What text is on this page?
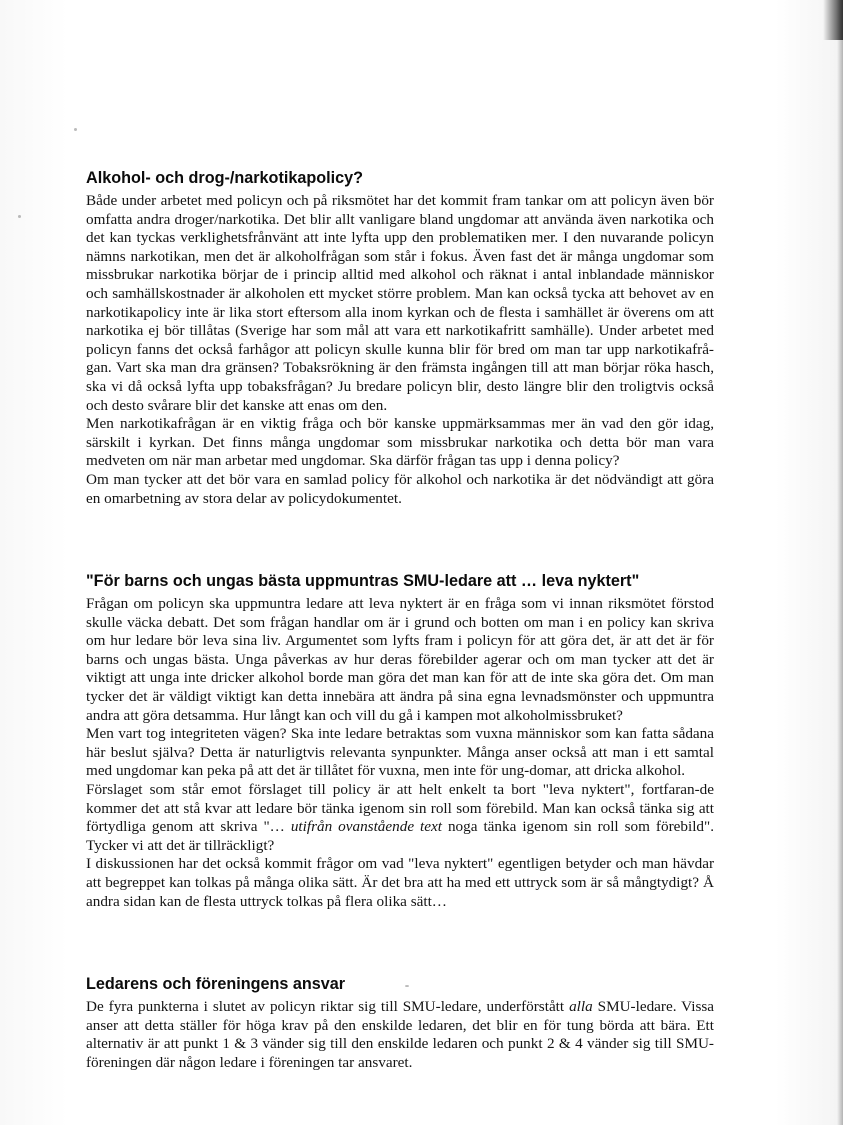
Alkohol- och drog-/narkotikapolicy?

Både under arbetet med policyn och på riksmötet har det kommit fram tankar om att policyn även bör omfatta andra droger/narkotika. Det blir allt vanligare bland ungdomar att använda även narkotika och det kan tyckas verklighetsfrånvänt att inte lyfta upp den problematiken mer. I den nuvarande policyn nämns narkotikan, men det är alkoholfrågan som står i fokus. Även fast det är många ungdomar som missbrukar narkotika börjar de i princip alltid med alkohol och räknat i antal inblandade människor och samhällskostnader är alkoholen ett mycket större problem. Man kan också tycka att behovet av en narkotikapolicy inte är lika stort eftersom alla inom kyrkan och de flesta i samhället är överens om att narkotika ej bör tillåtas (Sverige har som mål att vara ett narkotikafritt samhälle). Under arbetet med policyn fanns det också farhågor att policyn skulle kunna blir för bred om man tar upp narkotikafrå-gan. Vart ska man dra gränsen? Tobaksrökning är den främsta ingången till att man börjar röka hasch, ska vi då också lyfta upp tobaksfrågan? Ju bredare policyn blir, desto längre blir den troligtvis också och desto svårare blir det kanske att enas om den.

Men narkotikafrågan är en viktig fråga och bör kanske uppmärksammas mer än vad den gör idag, särskilt i kyrkan. Det finns många ungdomar som missbrukar narkotika och detta bör man vara medveten om när man arbetar med ungdomar. Ska därför frågan tas upp i denna policy?

Om man tycker att det bör vara en samlad policy för alkohol och narkotika är det nödvändigt att göra en omarbetning av stora delar av policydokumentet.

"För barns och ungas bästa uppmuntras SMU-ledare att … leva nyktert"

Frågan om policyn ska uppmuntra ledare att leva nyktert är en fråga som vi innan riksmötet förstod skulle väcka debatt. Det som frågan handlar om är i grund och botten om man i en policy kan skriva om hur ledare bör leva sina liv. Argumentet som lyfts fram i policyn för att göra det, är att det är för barns och ungas bästa. Unga påverkas av hur deras förebilder agerar och om man tycker att det är viktigt att unga inte dricker alkohol borde man göra det man kan för att de inte ska göra det. Om man tycker det är väldigt viktigt kan detta innebära att ändra på sina egna levnadsmönster och uppmuntra andra att göra detsamma. Hur långt kan och vill du gå i kampen mot alkoholmissbruket?

Men vart tog integriteten vägen? Ska inte ledare betraktas som vuxna människor som kan fatta sådana här beslut själva? Detta är naturligtvis relevanta synpunkter. Många anser också att man i ett samtal med ungdomar kan peka på att det är tillåtet för vuxna, men inte för ung-domar, att dricka alkohol.

Förslaget som står emot förslaget till policy är att helt enkelt ta bort "leva nyktert", fortfaran-de kommer det att stå kvar att ledare bör tänka igenom sin roll som förebild. Man kan också tänka sig att förtydliga genom att skriva "… utifrån ovanstående text noga tänka igenom sin roll som förebild". Tycker vi att det är tillräckligt?

I diskussionen har det också kommit frågor om vad "leva nyktert" egentligen betyder och man hävdar att begreppet kan tolkas på många olika sätt. Är det bra att ha med ett uttryck som är så mångtydigt? Å andra sidan kan de flesta uttryck tolkas på flera olika sätt…

Ledarens och föreningens ansvar

De fyra punkterna i slutet av policyn riktar sig till SMU-ledare, underförstått alla SMU-ledare. Vissa anser att detta ställer för höga krav på den enskilde ledaren, det blir en för tung börda att bära. Ett alternativ är att punkt 1 & 3 vänder sig till den enskilde ledaren och punkt 2 & 4 vänder sig till SMU-föreningen där någon ledare i föreningen tar ansvaret.
